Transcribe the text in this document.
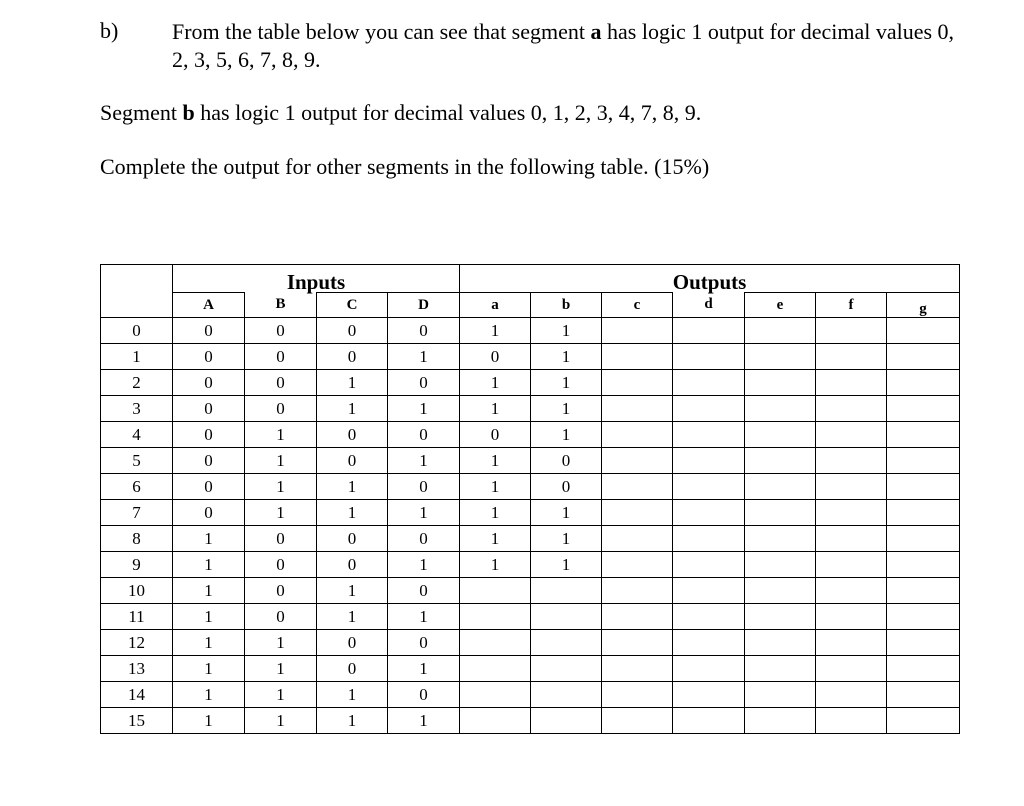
b) From the table below you can see that segment a has logic 1 output for decimal values 0, 2, 3, 5, 6, 7, 8, 9.
Segment b has logic 1 output for decimal values 0, 1, 2, 3, 4, 7, 8, 9.
Complete the output for other segments in the following table. (15%)
	Inputs				Outputs						
	A	B	C	D	a	b	c	d	e	f	g
0	0	0	0	0	1	1					
1	0	0	0	1	0	1					
2	0	0	1	0	1	1					
3	0	0	1	1	1	1					
4	0	1	0	0	0	1					
5	0	1	0	1	1	0					
6	0	1	1	0	1	0					
7	0	1	1	1	1	1					
8	1	0	0	0	1	1					
9	1	0	0	1	1	1					
10	1	0	1	0							
11	1	0	1	1							
12	1	1	0	0							
13	1	1	0	1							
14	1	1	1	0							
15	1	1	1	1							
